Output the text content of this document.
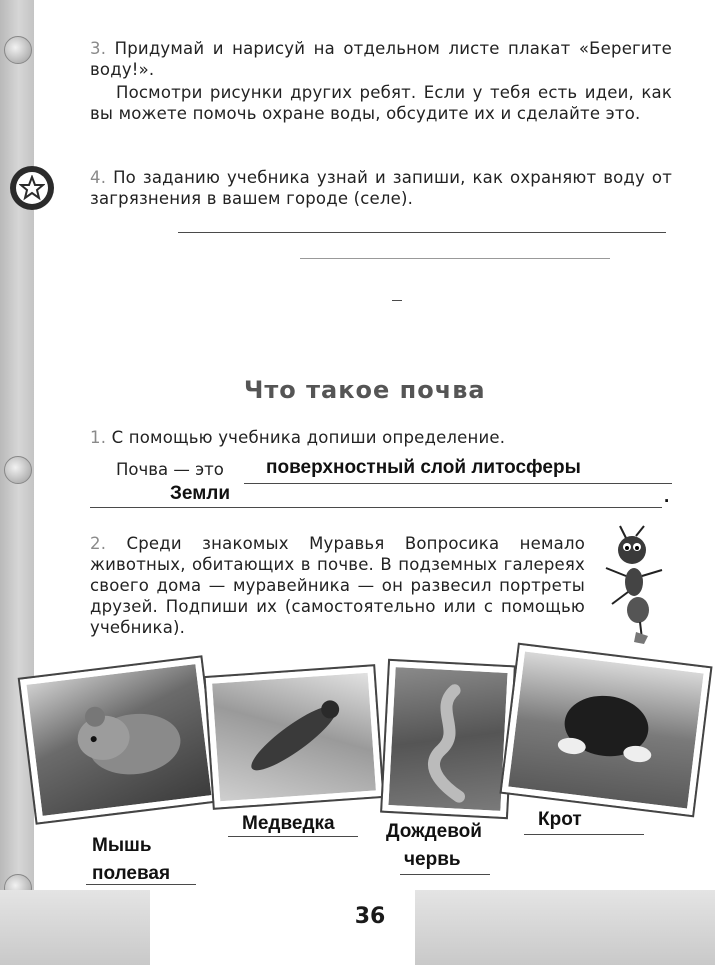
36
3. Придумай и нарисуй на отдельном листе плакат «Берегите воду!».
Посмотри рисунки других ребят. Если у тебя есть идеи, как вы можете помочь охране воды, обсудите их и сделайте это.
4. По заданию учебника узнай и запиши, как охраняют воду от загрязнения в вашем городе (селе).
Что такое почва
1. С помощью учебника допиши определение.
Почва — это поверхностный слой литосферы
Земли	.
2. Среди знакомых Муравья Вопросика немало животных, обитающих в почве. В подземных галереях своего дома — муравейника — он развесил портреты друзей. Подпиши их (самостоятельно или с помощью учебника).
Мышь
полевая
Медведка	Дождевой
червь
Крот
